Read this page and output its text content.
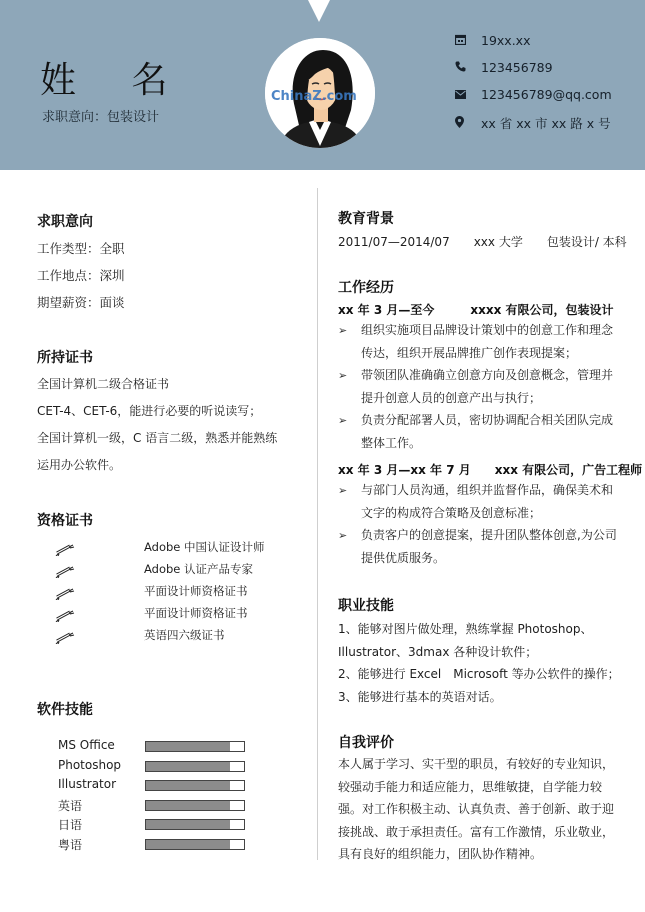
姓 名
求职意向：包装设计
ChinaZ.com
19xx.xx
123456789
123456789@qq.com
xx 省 xx 市 xx 路 x 号
求职意向
工作类型：全职
工作地点：深圳
期望薪资：面谈
所持证书
全国计算机二级合格证书
CET-4、CET-6，能进行必要的听说读写；
全国计算机一级，C 语言二级，熟悉并能熟练
运用办公软件。
资格证书
Adobe 中国认证设计师
Adobe 认证产品专家
平面设计师资格证书
平面设计师资格证书
英语四六级证书
软件技能
MS Office
Photoshop
Illustrator
英语
日语
粤语
教育背景
2011/07—2014/07　　xxx 大学　　包装设计/ 本科
工作经历
xx 年 3 月—至今　　　xxxx 有限公司，包装设计
➢ 组织实施项目品牌设计策划中的创意工作和理念传达，组织开展品牌推广创作表现提案；
➢ 带领团队准确确立创意方向及创意概念，管理并提升创意人员的创意产出与执行；
➢ 负责分配部署人员，密切协调配合相关团队完成整体工作。
xx 年 3 月—xx 年 7 月　　xxx 有限公司，广告工程师
➢ 与部门人员沟通，组织并监督作品，确保美术和文字的构成符合策略及创意标准；
➢ 负责客户的创意提案，提升团队整体创意,为公司提供优质服务。
职业技能
1、能够对图片做处理，熟练掌握 Photoshop、
Illustrator、3dmax 各种设计软件；
2、能够进行 Excel　Microsoft 等办公软件的操作；
3、能够进行基本的英语对话。
自我评价
本人属于学习、实干型的职员，有较好的专业知识，较强动手能力和适应能力，思维敏捷，自学能力较强。对工作积极主动、认真负责、善于创新、敢于迎接挑战、敢于承担责任。富有工作激情，乐业敬业，具有良好的组织能力，团队协作精神。
